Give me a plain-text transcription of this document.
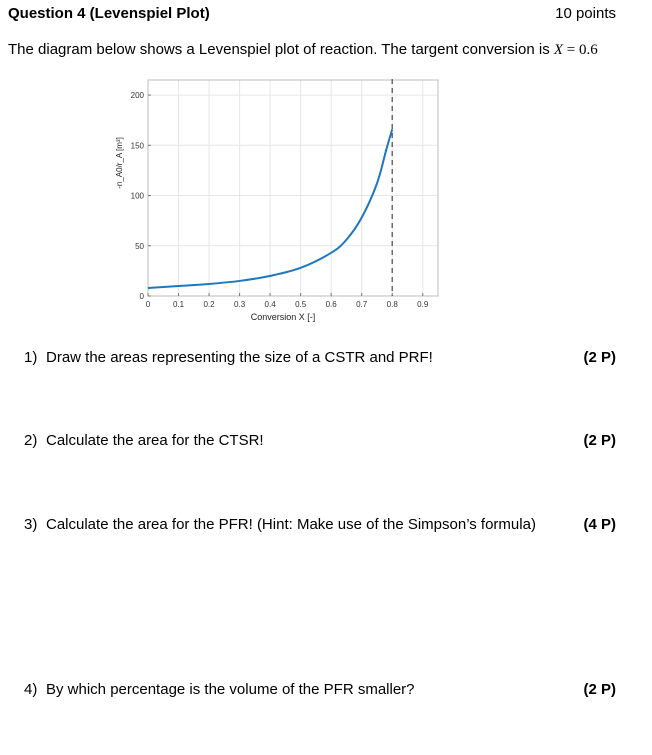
Question 4 (Levenspiel Plot)	10 points
The diagram below shows a Levenspiel plot of reaction. The targent conversion is X = 0.6
0	0.1 0.2 0.3 0.4 0.5 0.6 0.7 0.8 0.9
0
50
100
150
200
Conversion X [-]
-n_A0/r_A [m³]
1) Draw the areas representing the size of a CSTR and PRF!	(2 P)
2) Calculate the area for the CTSR!	(2 P)
3) Calculate the area for the PFR! (Hint: Make use of the Simpson’s formula)	(4 P)
4) By which percentage is the volume of the PFR smaller?	(2 P)
